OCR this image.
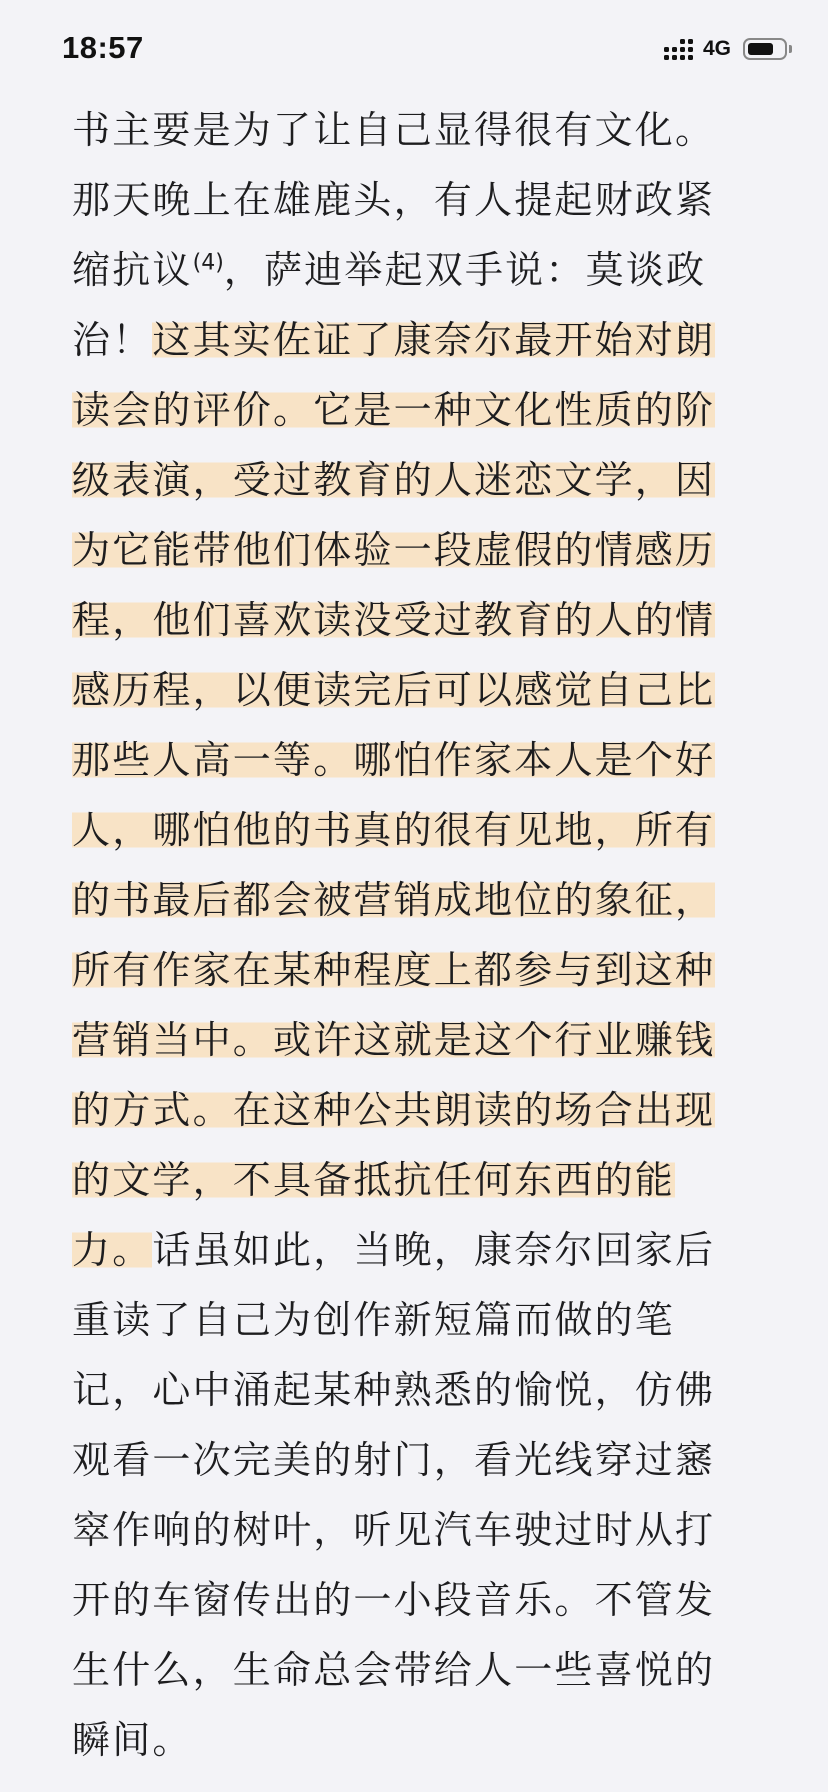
18:57	4G

书主要是为了让自己显得很有文化。
那天晚上在雄鹿头，有人提起财政紧
缩抗议$^{(4)}$，萨迪举起双手说：莫谈政
治！这其实佐证了康奈尔最开始对朗
读会的评价。它是一种文化性质的阶
级表演，受过教育的人迷恋文学，因
为它能带他们体验一段虚假的情感历
程，他们喜欢读没受过教育的人的情
感历程，以便读完后可以感觉自己比
那些人高一等。哪怕作家本人是个好
人，哪怕他的书真的很有见地，所有
的书最后都会被营销成地位的象征，
所有作家在某种程度上都参与到这种
营销当中。或许这就是这个行业赚钱
的方式。在这种公共朗读的场合出现
的文学，不具备抵抗任何东西的能
力。话虽如此，当晚，康奈尔回家后
重读了自己为创作新短篇而做的笔
记，心中涌起某种熟悉的愉悦，仿佛
观看一次完美的射门，看光线穿过窸
窣作响的树叶，听见汽车驶过时从打
开的车窗传出的一小段音乐。不管发
生什么，生命总会带给人一些喜悦的
瞬间。
